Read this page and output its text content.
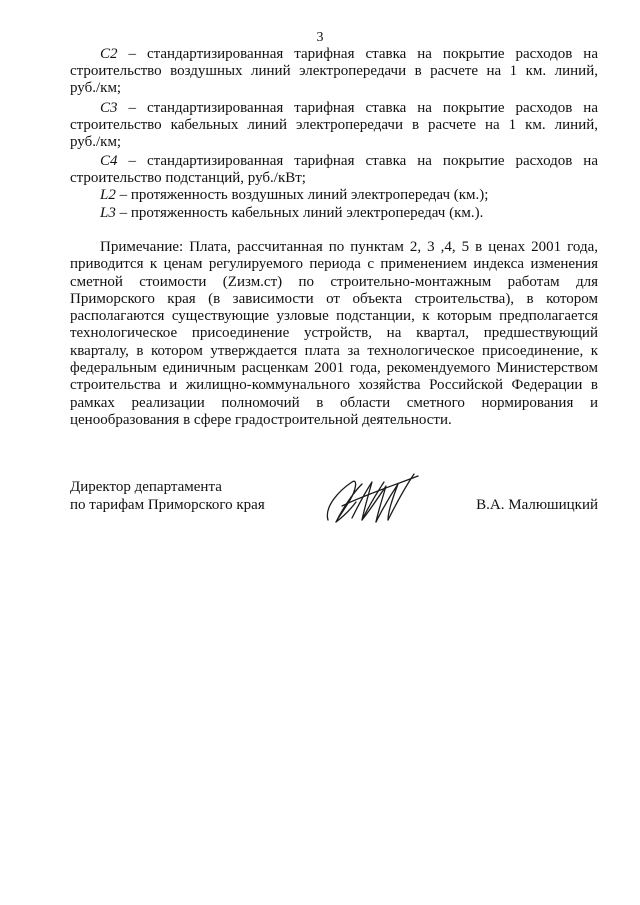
3
C2 – стандартизированная тарифная ставка на покрытие расходов на
строительство воздушных линий электропередачи в расчете на 1 км. линий,
руб./км;
C3 – стандартизированная тарифная ставка на покрытие расходов на
строительство кабельных линий электропередачи в расчете на 1 км. линий,
руб./км;
C4 – стандартизированная тарифная ставка на покрытие расходов на
строительство подстанций, руб./кВт;
L2 – протяженность воздушных линий электропередач (км.);
L3 – протяженность кабельных линий электропередач (км.).
Примечание: Плата, рассчитанная по пунктам 2, 3 ,4, 5 в ценах 2001 года,
приводится к ценам регулируемого периода с применением индекса изменения
сметной стоимости (Zизм.ст) по строительно-монтажным работам для
Приморского края (в зависимости от объекта строительства), в котором
располагаются существующие узловые подстанции, к которым предполагается
технологическое присоединение устройств, на квартал, предшествующий
кварталу, в котором утверждается плата за технологическое присоединение, к
федеральным единичным расценкам 2001 года, рекомендуемого Министерством
строительства и жилищно-коммунального хозяйства Российской Федерации в
рамках реализации полномочий в области сметного нормирования и
ценообразования в сфере градостроительной деятельности.
Директор департамента
по тарифам Приморского края	В.А. Малюшицкий
